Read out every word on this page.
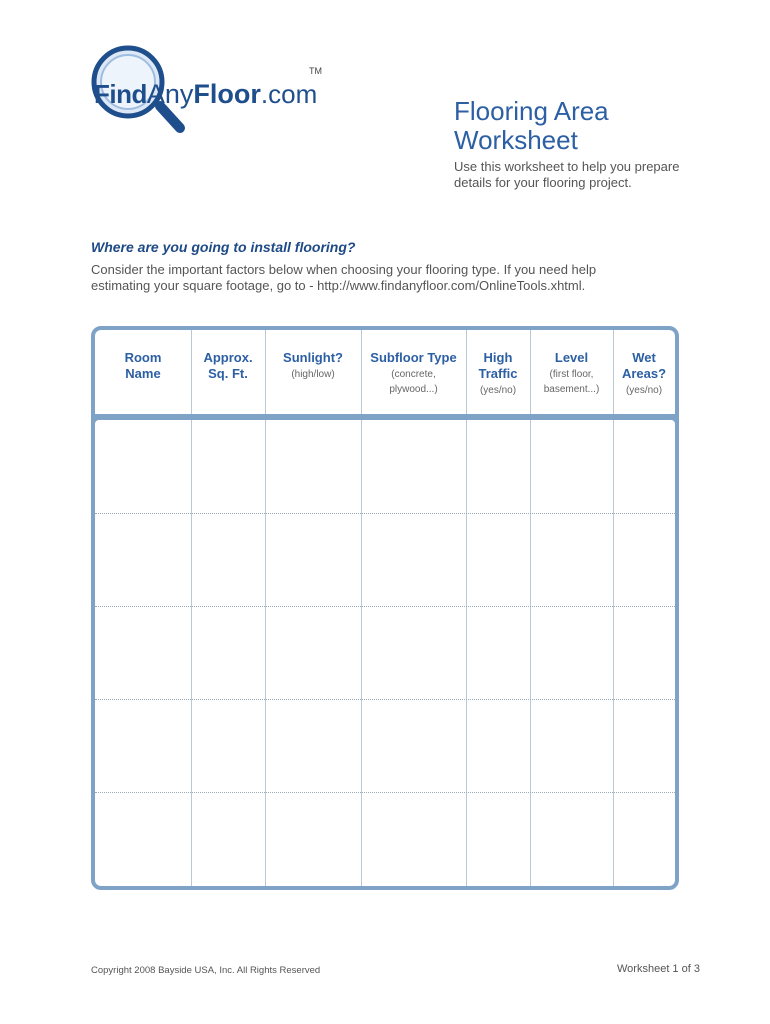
Find Any Floor .com
TM
Flooring Area
Worksheet
Use this worksheet to help you prepare
details for your flooring project.
Where are you going to install flooring?
Consider the important factors below when choosing your flooring type. If you need help
estimating your square footage, go to - http://www.findanyfloor.com/OnlineTools.xhtml.
Room
Name
Approx.
Sq. Ft.
Sunlight?
(high/low)
Subfloor Type
(concrete,
plywood...)
High
Traffic
(yes/no)
Level
(first floor,
basement...)
Wet
Areas?
(yes/no)
Copyright 2008 Bayside USA, Inc. All Rights Reserved	Worksheet 1 of 3
